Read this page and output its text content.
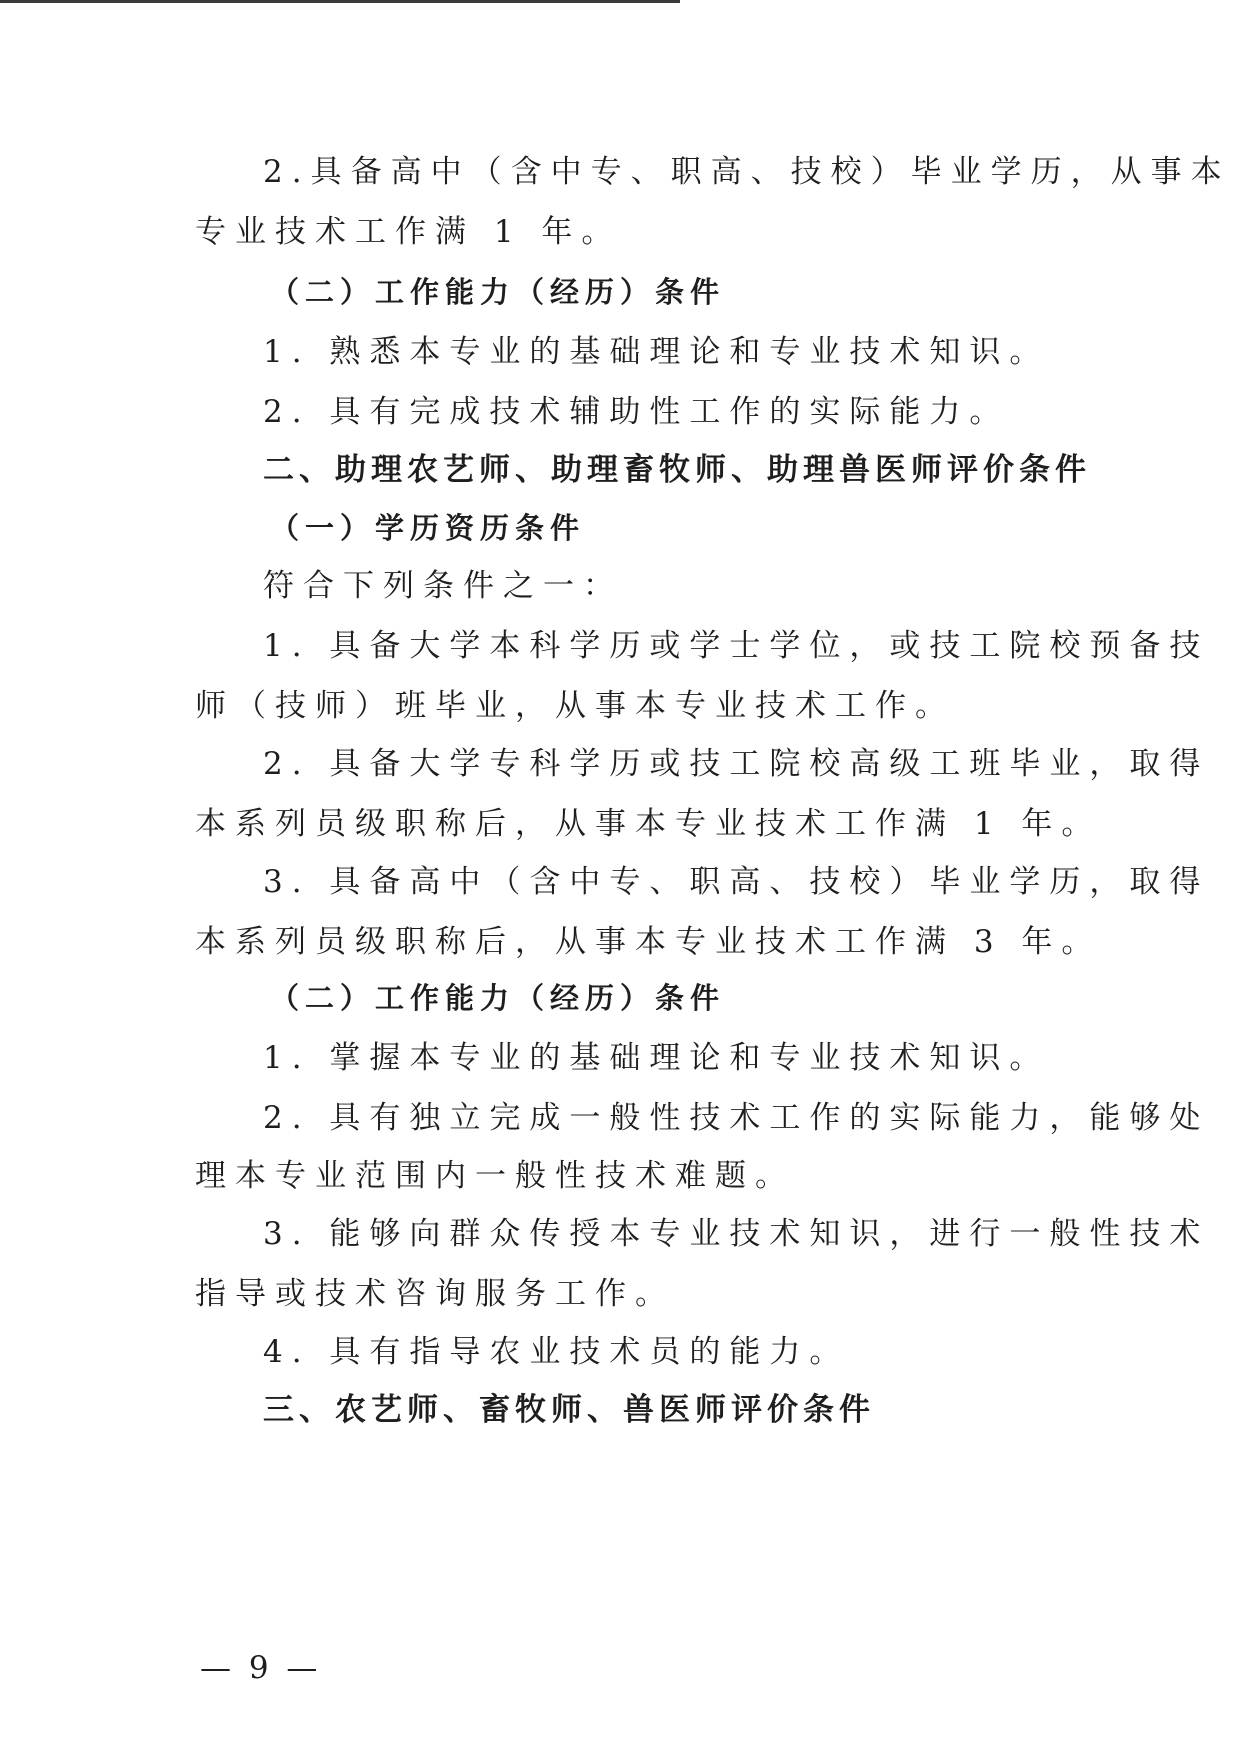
2.具备高中（含中专、职高、技校）毕业学历，从事本
专业技术工作满 1 年。
（二）工作能力（经历）条件
1. 熟悉本专业的基础理论和专业技术知识。
2. 具有完成技术辅助性工作的实际能力。
二、助理农艺师、助理畜牧师、助理兽医师评价条件
（一）学历资历条件
符合下列条件之一：
1. 具备大学本科学历或学士学位，或技工院校预备技
师（技师）班毕业，从事本专业技术工作。
2. 具备大学专科学历或技工院校高级工班毕业，取得
本系列员级职称后，从事本专业技术工作满 1 年。
3. 具备高中（含中专、职高、技校）毕业学历，取得
本系列员级职称后，从事本专业技术工作满 3 年。
（二）工作能力（经历）条件
1. 掌握本专业的基础理论和专业技术知识。
2. 具有独立完成一般性技术工作的实际能力，能够处
理本专业范围内一般性技术难题。
3. 能够向群众传授本专业技术知识，进行一般性技术
指导或技术咨询服务工作。
4. 具有指导农业技术员的能力。
三、农艺师、畜牧师、兽医师评价条件
— 9 —
